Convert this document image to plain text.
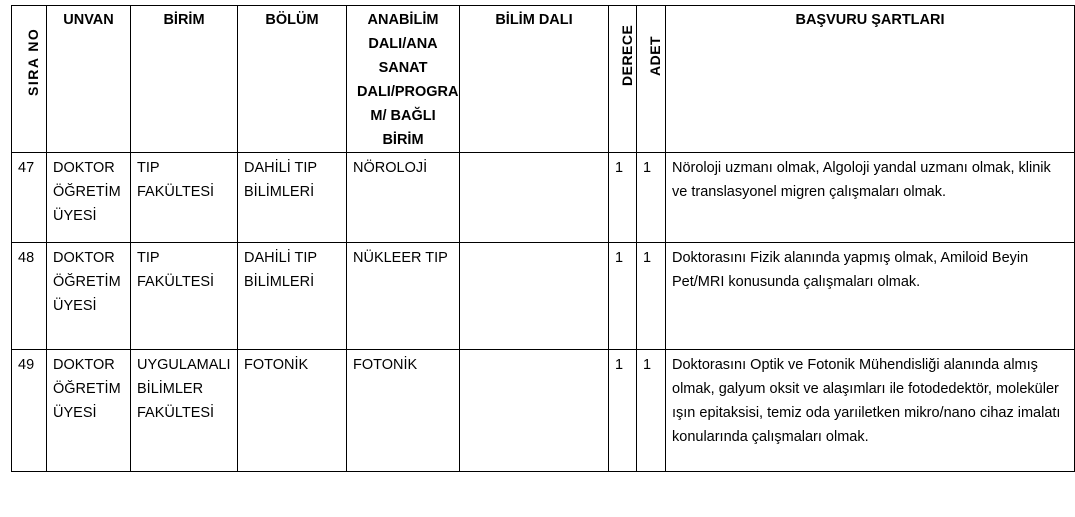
SIRA NO	UNVAN	BİRİM	BÖLÜM	ANABİLİM DALI/ANA SANAT DALI/PROGRA M/ BAĞLI BİRİM	BİLİM DALI	DERECE	ADET	BAŞVURU ŞARTLARI
47	DOKTOR ÖĞRETİM ÜYESİ	TIP FAKÜLTESİ	DAHİLİ TIP BİLİMLERİ	NÖROLOJİ		1	1	Nöroloji uzmanı olmak, Algoloji yandal uzmanı olmak, klinik ve translasyonel migren çalışmaları olmak.
48	DOKTOR ÖĞRETİM ÜYESİ	TIP FAKÜLTESİ	DAHİLİ TIP BİLİMLERİ	NÜKLEER TIP		1	1	Doktorasını Fizik alanında yapmış olmak, Amiloid Beyin Pet/MRI konusunda çalışmaları olmak.
49	DOKTOR ÖĞRETİM ÜYESİ	UYGULAMALI BİLİMLER FAKÜLTESİ	FOTONİK	FOTONİK		1	1	Doktorasını Optik ve Fotonik Mühendisliği alanında almış olmak, galyum oksit ve alaşımları ile fotodedektör, moleküler ışın epitaksisi, temiz oda yarıiletken mikro/nano cihaz imalatı konularında çalışmaları olmak.
